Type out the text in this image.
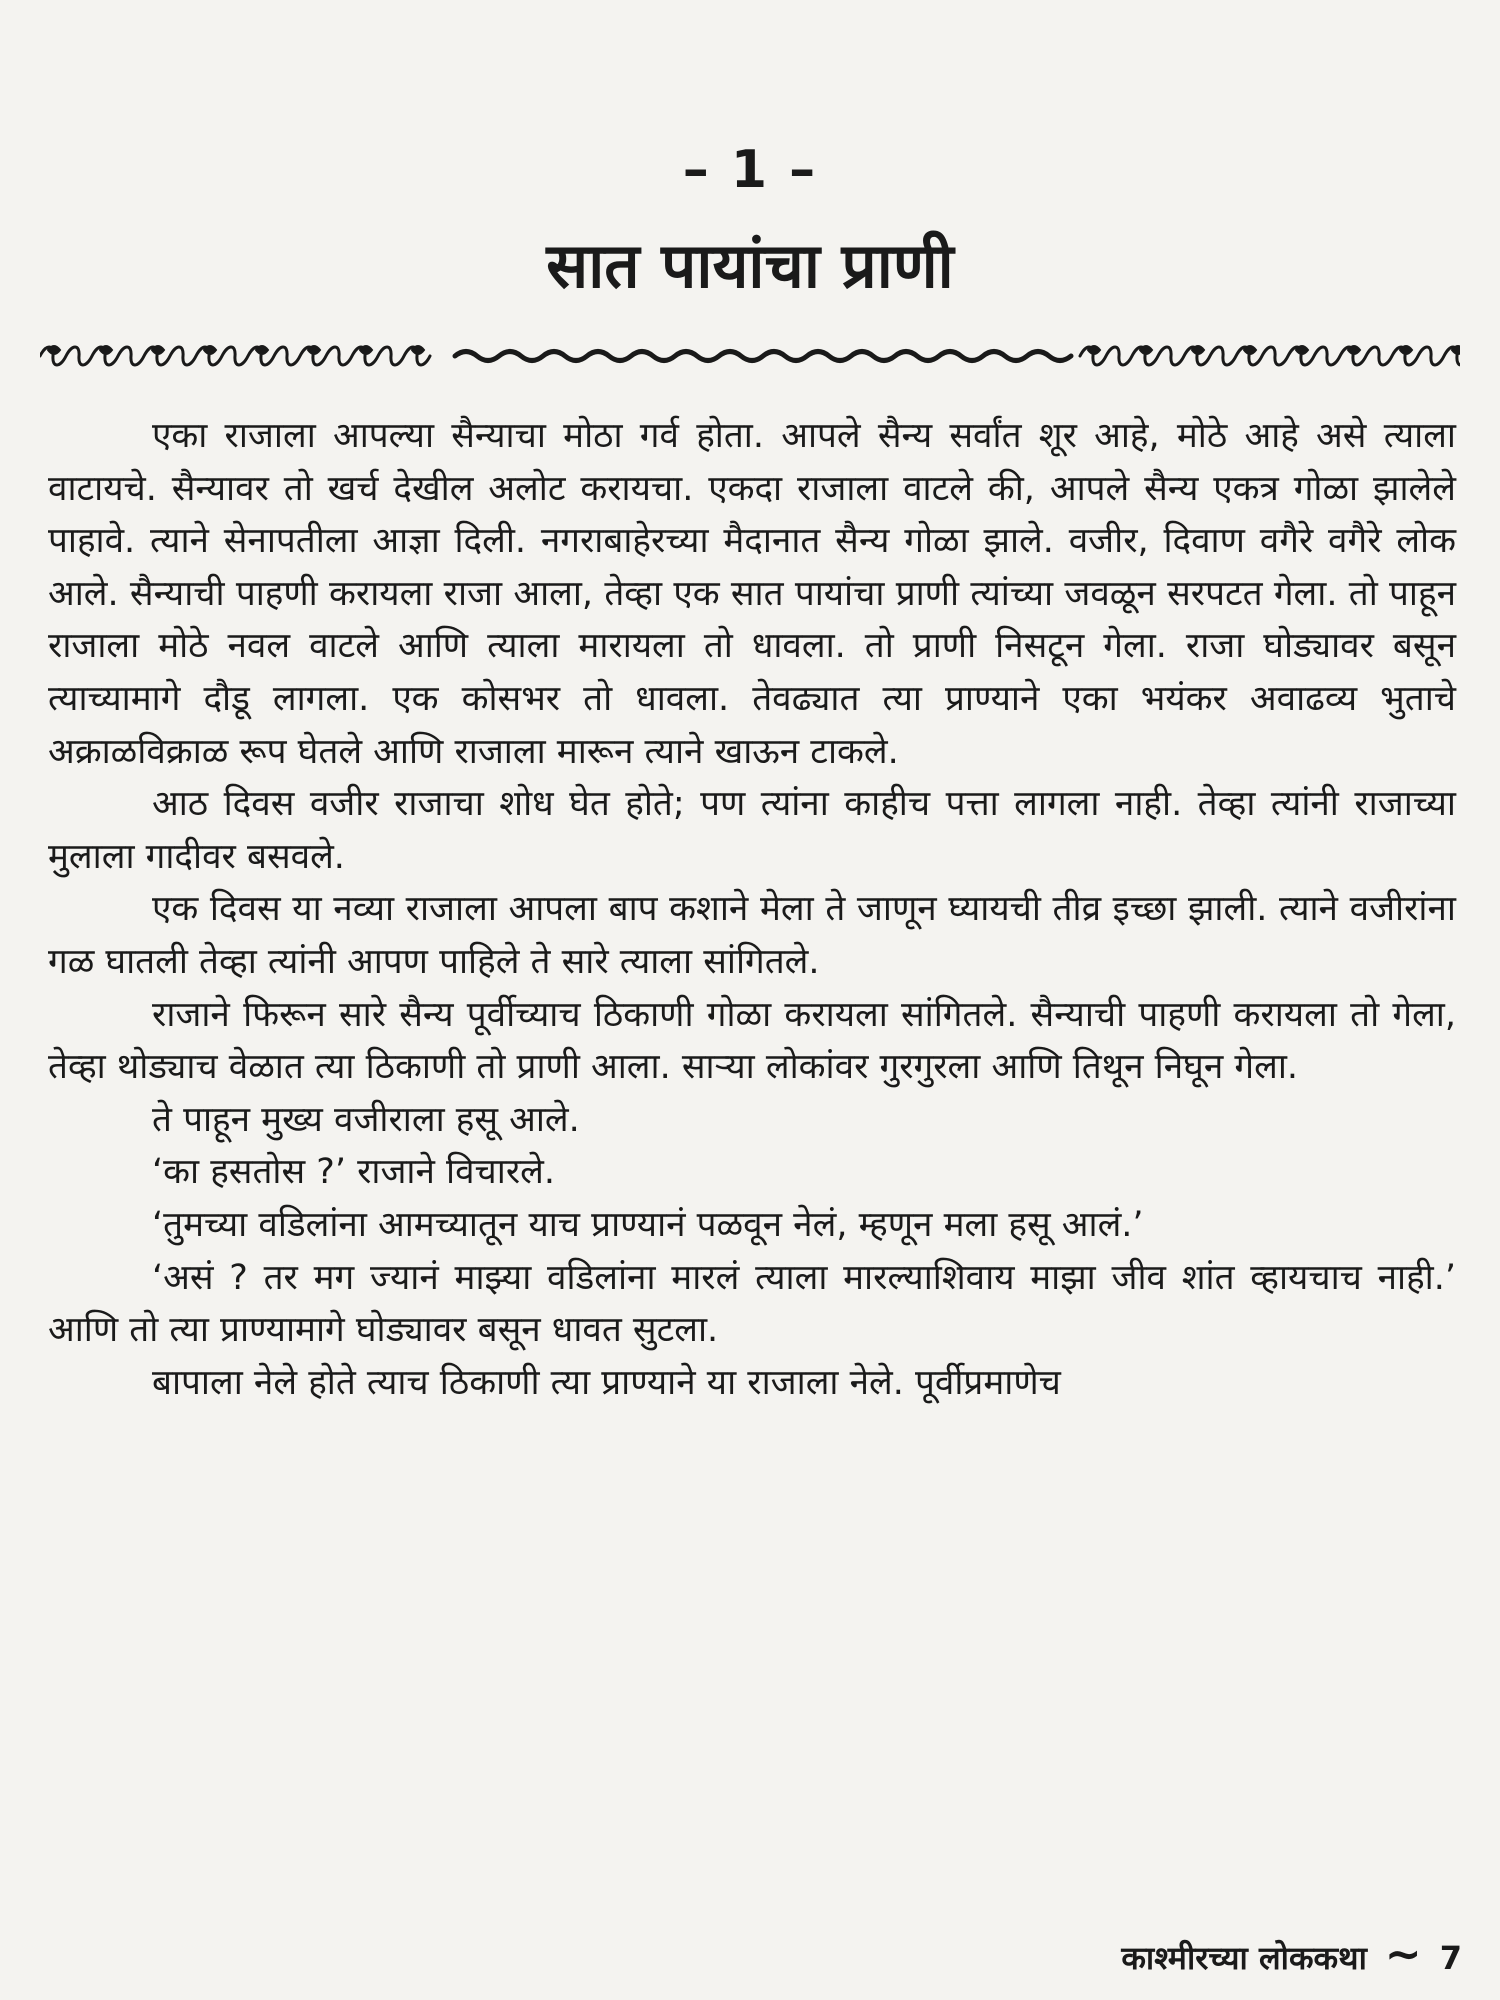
– 1 –
सात पायांचा प्राणी

एका राजाला आपल्या सैन्याचा मोठा गर्व होता. आपले सैन्य सर्वांत शूर आहे, मोठे आहे असे त्याला वाटायचे. सैन्यावर तो खर्च देखील अलोट करायचा. एकदा राजाला वाटले की, आपले सैन्य एकत्र गोळा झालेले पाहावे. त्याने सेनापतीला आज्ञा दिली. नगराबाहेरच्या मैदानात सैन्य गोळा झाले. वजीर, दिवाण वगैरे वगैरे लोक आले. सैन्याची पाहणी करायला राजा आला, तेव्हा एक सात पायांचा प्राणी त्यांच्या जवळून सरपटत गेला. तो पाहून राजाला मोठे नवल वाटले आणि त्याला मारायला तो धावला. तो प्राणी निसटून गेला. राजा घोड्यावर बसून त्याच्यामागे दौडू लागला. एक कोसभर तो धावला. तेवढ्यात त्या प्राण्याने एका भयंकर अवाढव्य भुताचे अक्राळविक्राळ रूप घेतले आणि राजाला मारून त्याने खाऊन टाकले.

आठ दिवस वजीर राजाचा शोध घेत होते; पण त्यांना काहीच पत्ता लागला नाही. तेव्हा त्यांनी राजाच्या मुलाला गादीवर बसवले.

एक दिवस या नव्या राजाला आपला बाप कशाने मेला ते जाणून घ्यायची तीव्र इच्छा झाली. त्याने वजीरांना गळ घातली तेव्हा त्यांनी आपण पाहिले ते सारे त्याला सांगितले.

राजाने फिरून सारे सैन्य पूर्वीच्याच ठिकाणी गोळा करायला सांगितले. सैन्याची पाहणी करायला तो गेला, तेव्हा थोड्याच वेळात त्या ठिकाणी तो प्राणी आला. साऱ्या लोकांवर गुरगुरला आणि तिथून निघून गेला.

ते पाहून मुख्य वजीराला हसू आले.

‘का हसतोस ?’ राजाने विचारले.

‘तुमच्या वडिलांना आमच्यातून याच प्राण्यानं पळवून नेलं, म्हणून मला हसू आलं.’

‘असं ? तर मग ज्यानं माझ्या वडिलांना मारलं त्याला मारल्याशिवाय माझा जीव शांत व्हायचाच नाही.’ आणि तो त्या प्राण्यामागे घोड्यावर बसून धावत सुटला.

बापाला नेले होते त्याच ठिकाणी त्या प्राण्याने या राजाला नेले. पूर्वीप्रमाणेच

काश्मीरच्या लोककथा ∼ 7
